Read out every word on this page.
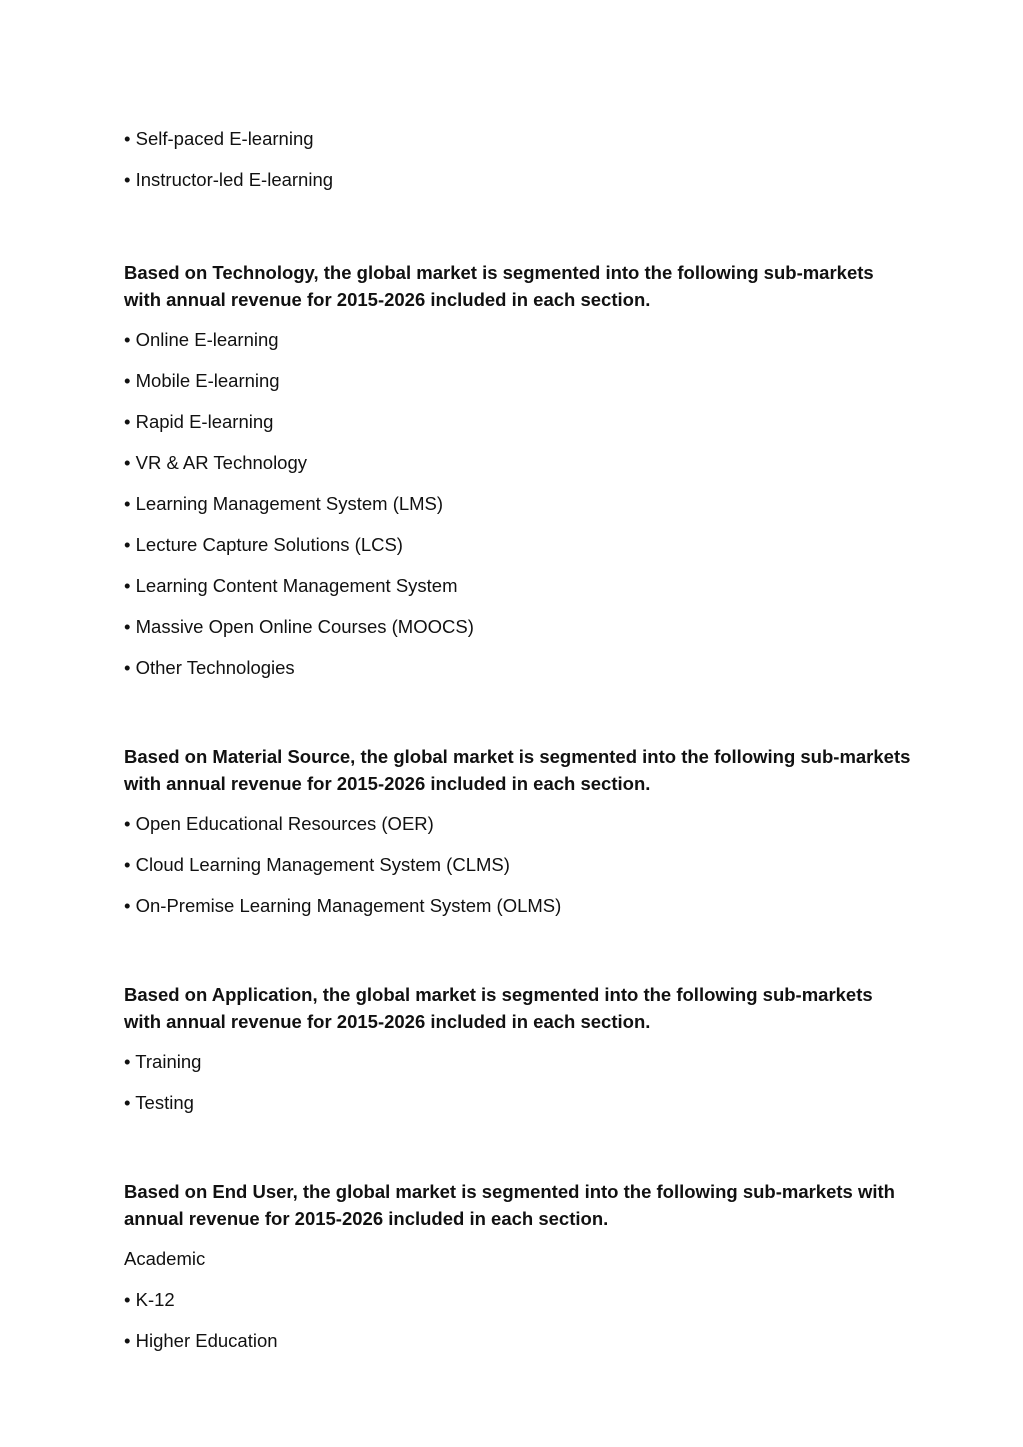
• Self-paced E-learning
• Instructor-led E-learning
Based on Technology, the global market is segmented into the following sub-markets with annual revenue for 2015-2026 included in each section.
• Online E-learning
• Mobile E-learning
• Rapid E-learning
• VR & AR Technology
• Learning Management System (LMS)
• Lecture Capture Solutions (LCS)
• Learning Content Management System
• Massive Open Online Courses (MOOCS)
• Other Technologies
Based on Material Source, the global market is segmented into the following sub-markets with annual revenue for 2015-2026 included in each section.
• Open Educational Resources (OER)
• Cloud Learning Management System (CLMS)
• On-Premise Learning Management System (OLMS)
Based on Application, the global market is segmented into the following sub-markets with annual revenue for 2015-2026 included in each section.
• Training
• Testing
Based on End User, the global market is segmented into the following sub-markets with annual revenue for 2015-2026 included in each section.
Academic
• K-12
• Higher Education
